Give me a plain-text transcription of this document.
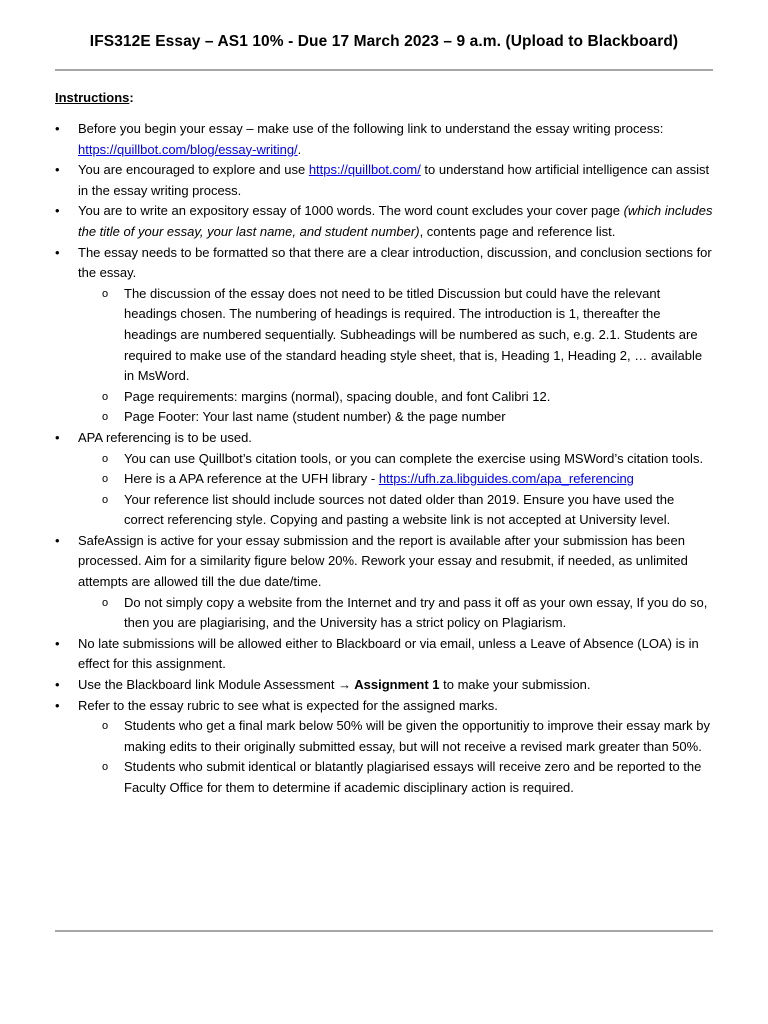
IFS312E Essay – AS1 10% - Due 17 March 2023 – 9 a.m. (Upload to Blackboard)
Instructions:
• Before you begin your essay – make use of the following link to understand the essay writing process: https://quillbot.com/blog/essay-writing/.
• You are encouraged to explore and use https://quillbot.com/ to understand how artificial intelligence can assist in the essay writing process.
• You are to write an expository essay of 1000 words. The word count excludes your cover page (which includes the title of your essay, your last name, and student number), contents page and reference list.
• The essay needs to be formatted so that there are a clear introduction, discussion, and conclusion sections for the essay.
o The discussion of the essay does not need to be titled Discussion but could have the relevant headings chosen. The numbering of headings is required. The introduction is 1, thereafter the headings are numbered sequentially. Subheadings will be numbered as such, e.g. 2.1. Students are required to make use of the standard heading style sheet, that is, Heading 1, Heading 2, … available in MsWord.
o Page requirements: margins (normal), spacing double, and font Calibri 12.
o Page Footer: Your last name (student number) & the page number
• APA referencing is to be used.
o You can use Quillbot’s citation tools, or you can complete the exercise using MSWord’s citation tools.
o Here is a APA reference at the UFH library - https://ufh.za.libguides.com/apa_referencing
o Your reference list should include sources not dated older than 2019. Ensure you have used the correct referencing style. Copying and pasting a website link is not accepted at University level.
• SafeAssign is active for your essay submission and the report is available after your submission has been processed. Aim for a similarity figure below 20%. Rework your essay and resubmit, if needed, as unlimited attempts are allowed till the due date/time.
o Do not simply copy a website from the Internet and try and pass it off as your own essay, If you do so, then you are plagiarising, and the University has a strict policy on Plagiarism.
• No late submissions will be allowed either to Blackboard or via email, unless a Leave of Absence (LOA) is in effect for this assignment.
• Use the Blackboard link Module Assessment → Assignment 1 to make your submission.
• Refer to the essay rubric to see what is expected for the assigned marks.
o Students who get a final mark below 50% will be given the opportunitiy to improve their essay mark by making edits to their originally submitted essay, but will not receive a revised mark greater than 50%.
o Students who submit identical or blatantly plagiarised essays will receive zero and be reported to the Faculty Office for them to determine if academic disciplinary action is required.
